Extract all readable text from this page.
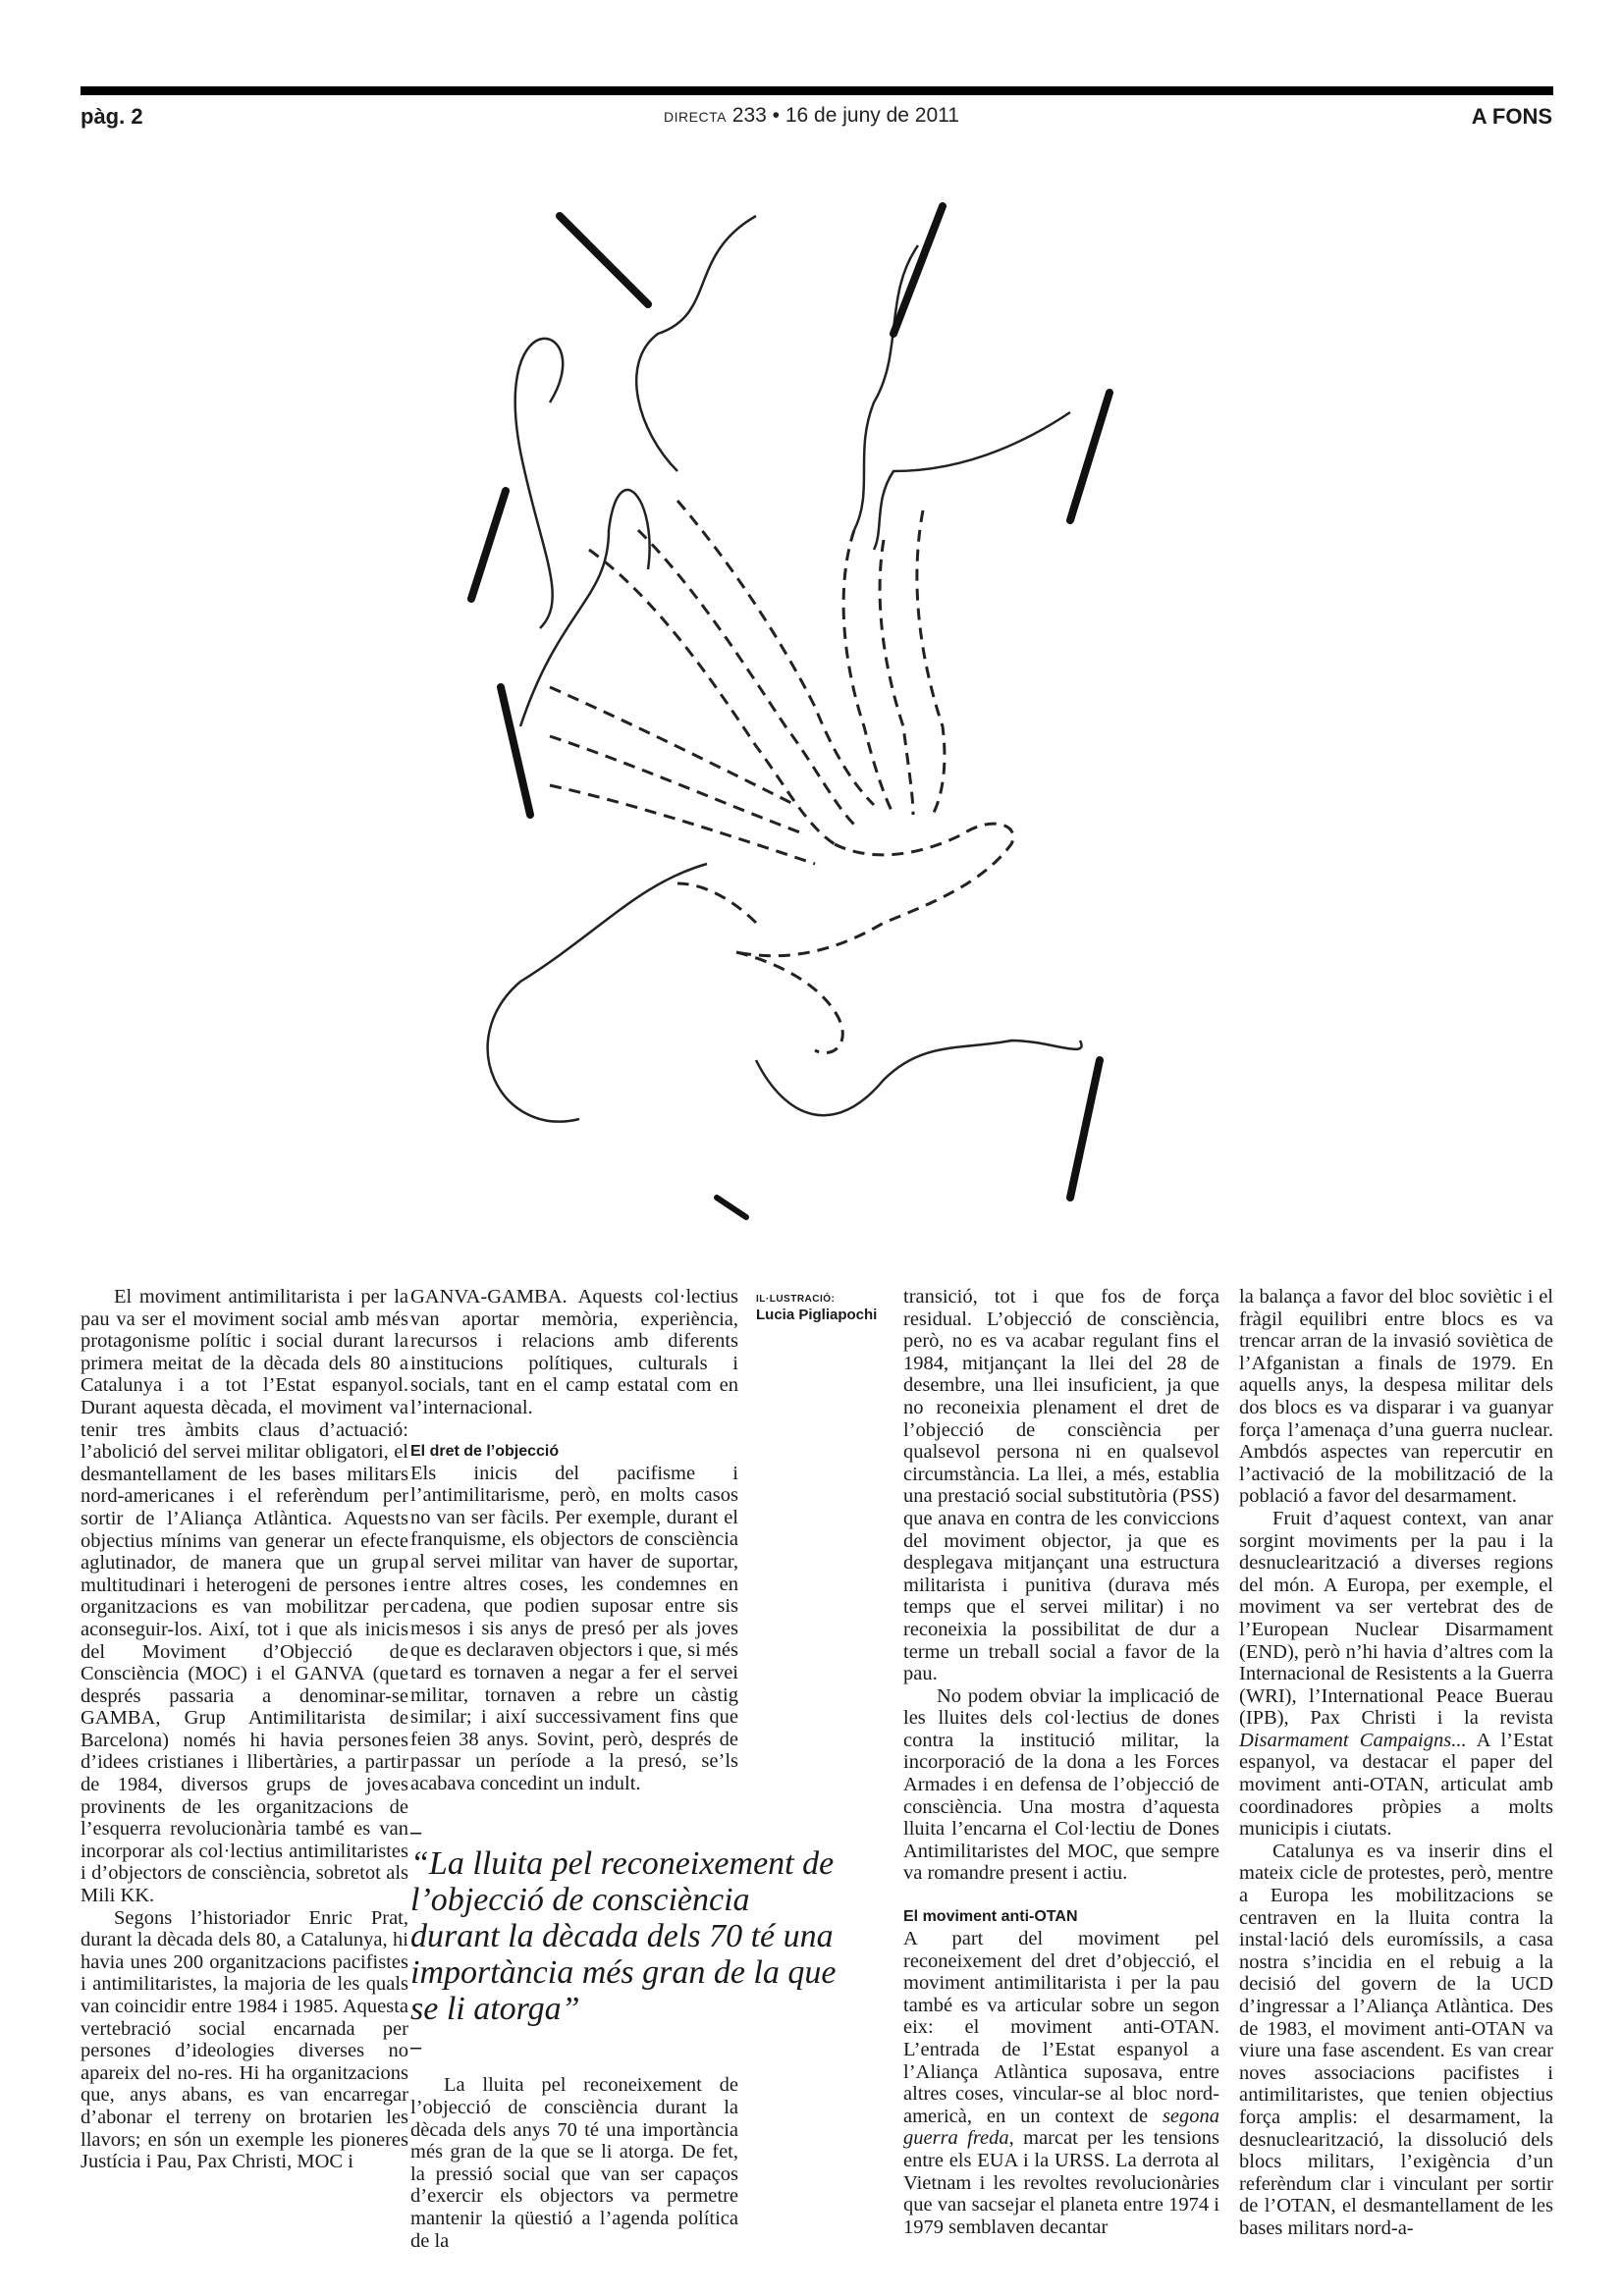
pàg. 2	DIRECTA 233 • 16 de juny de 2011	A FONS
IL·LUSTRACIÓ:
Lucia Pigliapochi

El moviment antimilitarista i per la pau va ser el moviment social amb més protagonisme polític i social durant la primera meitat de la dècada dels 80 a Catalunya i a tot l’Estat espanyol. Durant aquesta dècada, el moviment va tenir tres àmbits claus d’actuació: l’abolició del servei militar obligatori, el desmantellament de les bases militars nord-americanes i el referèndum per sortir de l’Aliança Atlàntica. Aquests objectius mínims van generar un efecte aglutinador, de manera que un grup multitudinari i heterogeni de persones i organitzacions es van mobilitzar per aconseguir-los. Així, tot i que als inicis del Moviment d’Objecció de Consciència (MOC) i el GANVA (que després passaria a denominar-se GAMBA, Grup Antimilitarista de Barcelona) només hi havia persones d’idees cristianes i llibertàries, a partir de 1984, diversos grups de joves provinents de les organitzacions de l’esquerra revolucionària també es van incorporar als col·lectius antimilitaristes i d’objectors de consciència, sobretot als Mili KK.

Segons l’historiador Enric Prat, durant la dècada dels 80, a Catalunya, hi havia unes 200 organitzacions pacifistes i antimilitaristes, la majoria de les quals van coincidir entre 1984 i 1985. Aquesta vertebració social encarnada per persones d’ideologies diverses no apareix del no-res. Hi ha organitzacions que, anys abans, es van encarregar d’abonar el terreny on brotarien les llavors; en són un exemple les pioneres Justícia i Pau, Pax Christi, MOC i

GANVA-GAMBA. Aquests col·lectius van aportar memòria, experiència, recursos i relacions amb diferents institucions polítiques, culturals i socials, tant en el camp estatal com en l’internacional.

El dret de l’objecció

Els inicis del pacifisme i l’antimilitarisme, però, en molts casos no van ser fàcils. Per exemple, durant el franquisme, els objectors de consciència al servei militar van haver de suportar, entre altres coses, les condemnes en cadena, que podien suposar entre sis mesos i sis anys de presó per als joves que es declaraven objectors i que, si més tard es tornaven a negar a fer el servei militar, tornaven a rebre un càstig similar; i així successivament fins que feien 38 anys. Sovint, però, després de passar un període a la presó, se’ls acabava concedint un indult.

–
“La lluita pel reconeixement de l’objecció de consciència durant la dècada dels 70 té una importància més gran de la que se li atorga”
–

La lluita pel reconeixement de l’objecció de consciència durant la dècada dels anys 70 té una importància més gran de la que se li atorga. De fet, la pressió social que van ser capaços d’exercir els objectors va permetre mantenir la qüestió a l’agenda política de la

transició, tot i que fos de força residual. L’objecció de consciència, però, no es va acabar regulant fins el 1984, mitjançant la llei del 28 de desembre, una llei insuficient, ja que no reconeixia plenament el dret de l’objecció de consciència per qualsevol persona ni en qualsevol circumstància. La llei, a més, establia una prestació social substitutòria (PSS) que anava en contra de les conviccions del moviment objector, ja que es desplegava mitjançant una estructura militarista i punitiva (durava més temps que el servei militar) i no reconeixia la possibilitat de dur a terme un treball social a favor de la pau.

No podem obviar la implicació de les lluites dels col·lectius de dones contra la institució militar, la incorporació de la dona a les Forces Armades i en defensa de l’objecció de consciència. Una mostra d’aquesta lluita l’encarna el Col·lectiu de Dones Antimilitaristes del MOC, que sempre va romandre present i actiu.

El moviment anti-OTAN

A part del moviment pel reconeixement del dret d’objecció, el moviment antimilitarista i per la pau també es va articular sobre un segon eix: el moviment anti-OTAN. L’entrada de l’Estat espanyol a l’Aliança Atlàntica suposava, entre altres coses, vincular-se al bloc nord-americà, en un context de segona guerra freda, marcat per les tensions entre els EUA i la URSS. La derrota al Vietnam i les revoltes revolucionàries que van sacsejar el planeta entre 1974 i 1979 semblaven decantar

la balança a favor del bloc soviètic i el fràgil equilibri entre blocs es va trencar arran de la invasió soviètica de l’Afganistan a finals de 1979. En aquells anys, la despesa militar dels dos blocs es va disparar i va guanyar força l’amenaça d’una guerra nuclear. Ambdós aspectes van repercutir en l’activació de la mobilització de la població a favor del desarmament.

Fruit d’aquest context, van anar sorgint moviments per la pau i la desnuclearització a diverses regions del món. A Europa, per exemple, el moviment va ser vertebrat des de l’European Nuclear Disarmament (END), però n’hi havia d’altres com la Internacional de Resistents a la Guerra (WRI), l’International Peace Buerau (IPB), Pax Christi i la revista Disarmament Campaigns... A l’Estat espanyol, va destacar el paper del moviment anti-OTAN, articulat amb coordinadores pròpies a molts municipis i ciutats.

Catalunya es va inserir dins el mateix cicle de protestes, però, mentre a Europa les mobilitzacions se centraven en la lluita contra la instal·lació dels euromíssils, a casa nostra s’incidia en el rebuig a la decisió del govern de la UCD d’ingressar a l’Aliança Atlàntica. Des de 1983, el moviment anti-OTAN va viure una fase ascendent. Es van crear noves associacions pacifistes i antimilitaristes, que tenien objectius força amplis: el desarmament, la desnuclearització, la dissolució dels blocs militars, l’exigència d’un referèndum clar i vinculant per sortir de l’OTAN, el desmantellament de les bases militars nord-a-
